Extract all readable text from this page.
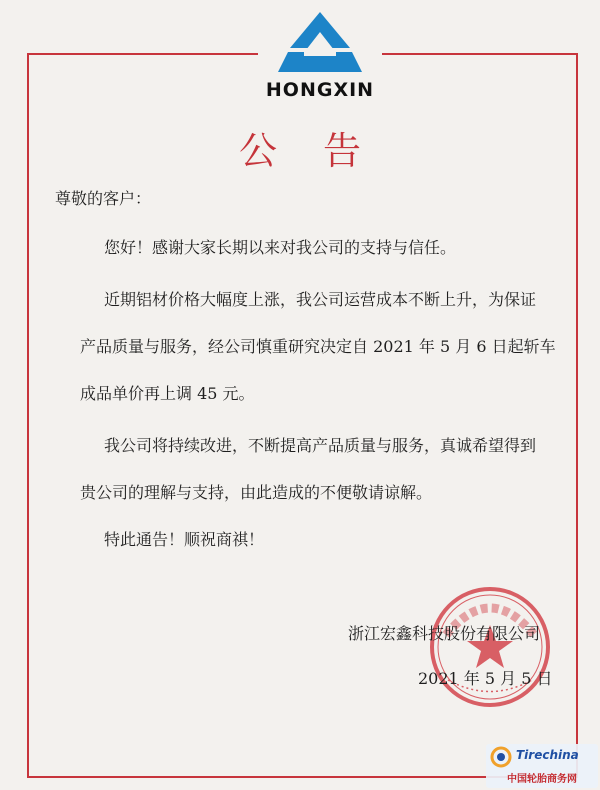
HONGXIN
公告
尊敬的客户：
您好！感谢大家长期以来对我公司的支持与信任。
近期铝材价格大幅度上涨，我公司运营成本不断上升，为保证
产品质量与服务，经公司慎重研究决定自 2021 年 5 月 6 日起斩车
成品单价再上调 45 元。
我公司将持续改进，不断提高产品质量与服务，真诚希望得到
贵公司的理解与支持，由此造成的不便敬请谅解。
特此通告！顺祝商祺！
浙江宏鑫科技股份有限公司
2021 年 5 月 5 日
Tirechina
中国轮胎商务网
